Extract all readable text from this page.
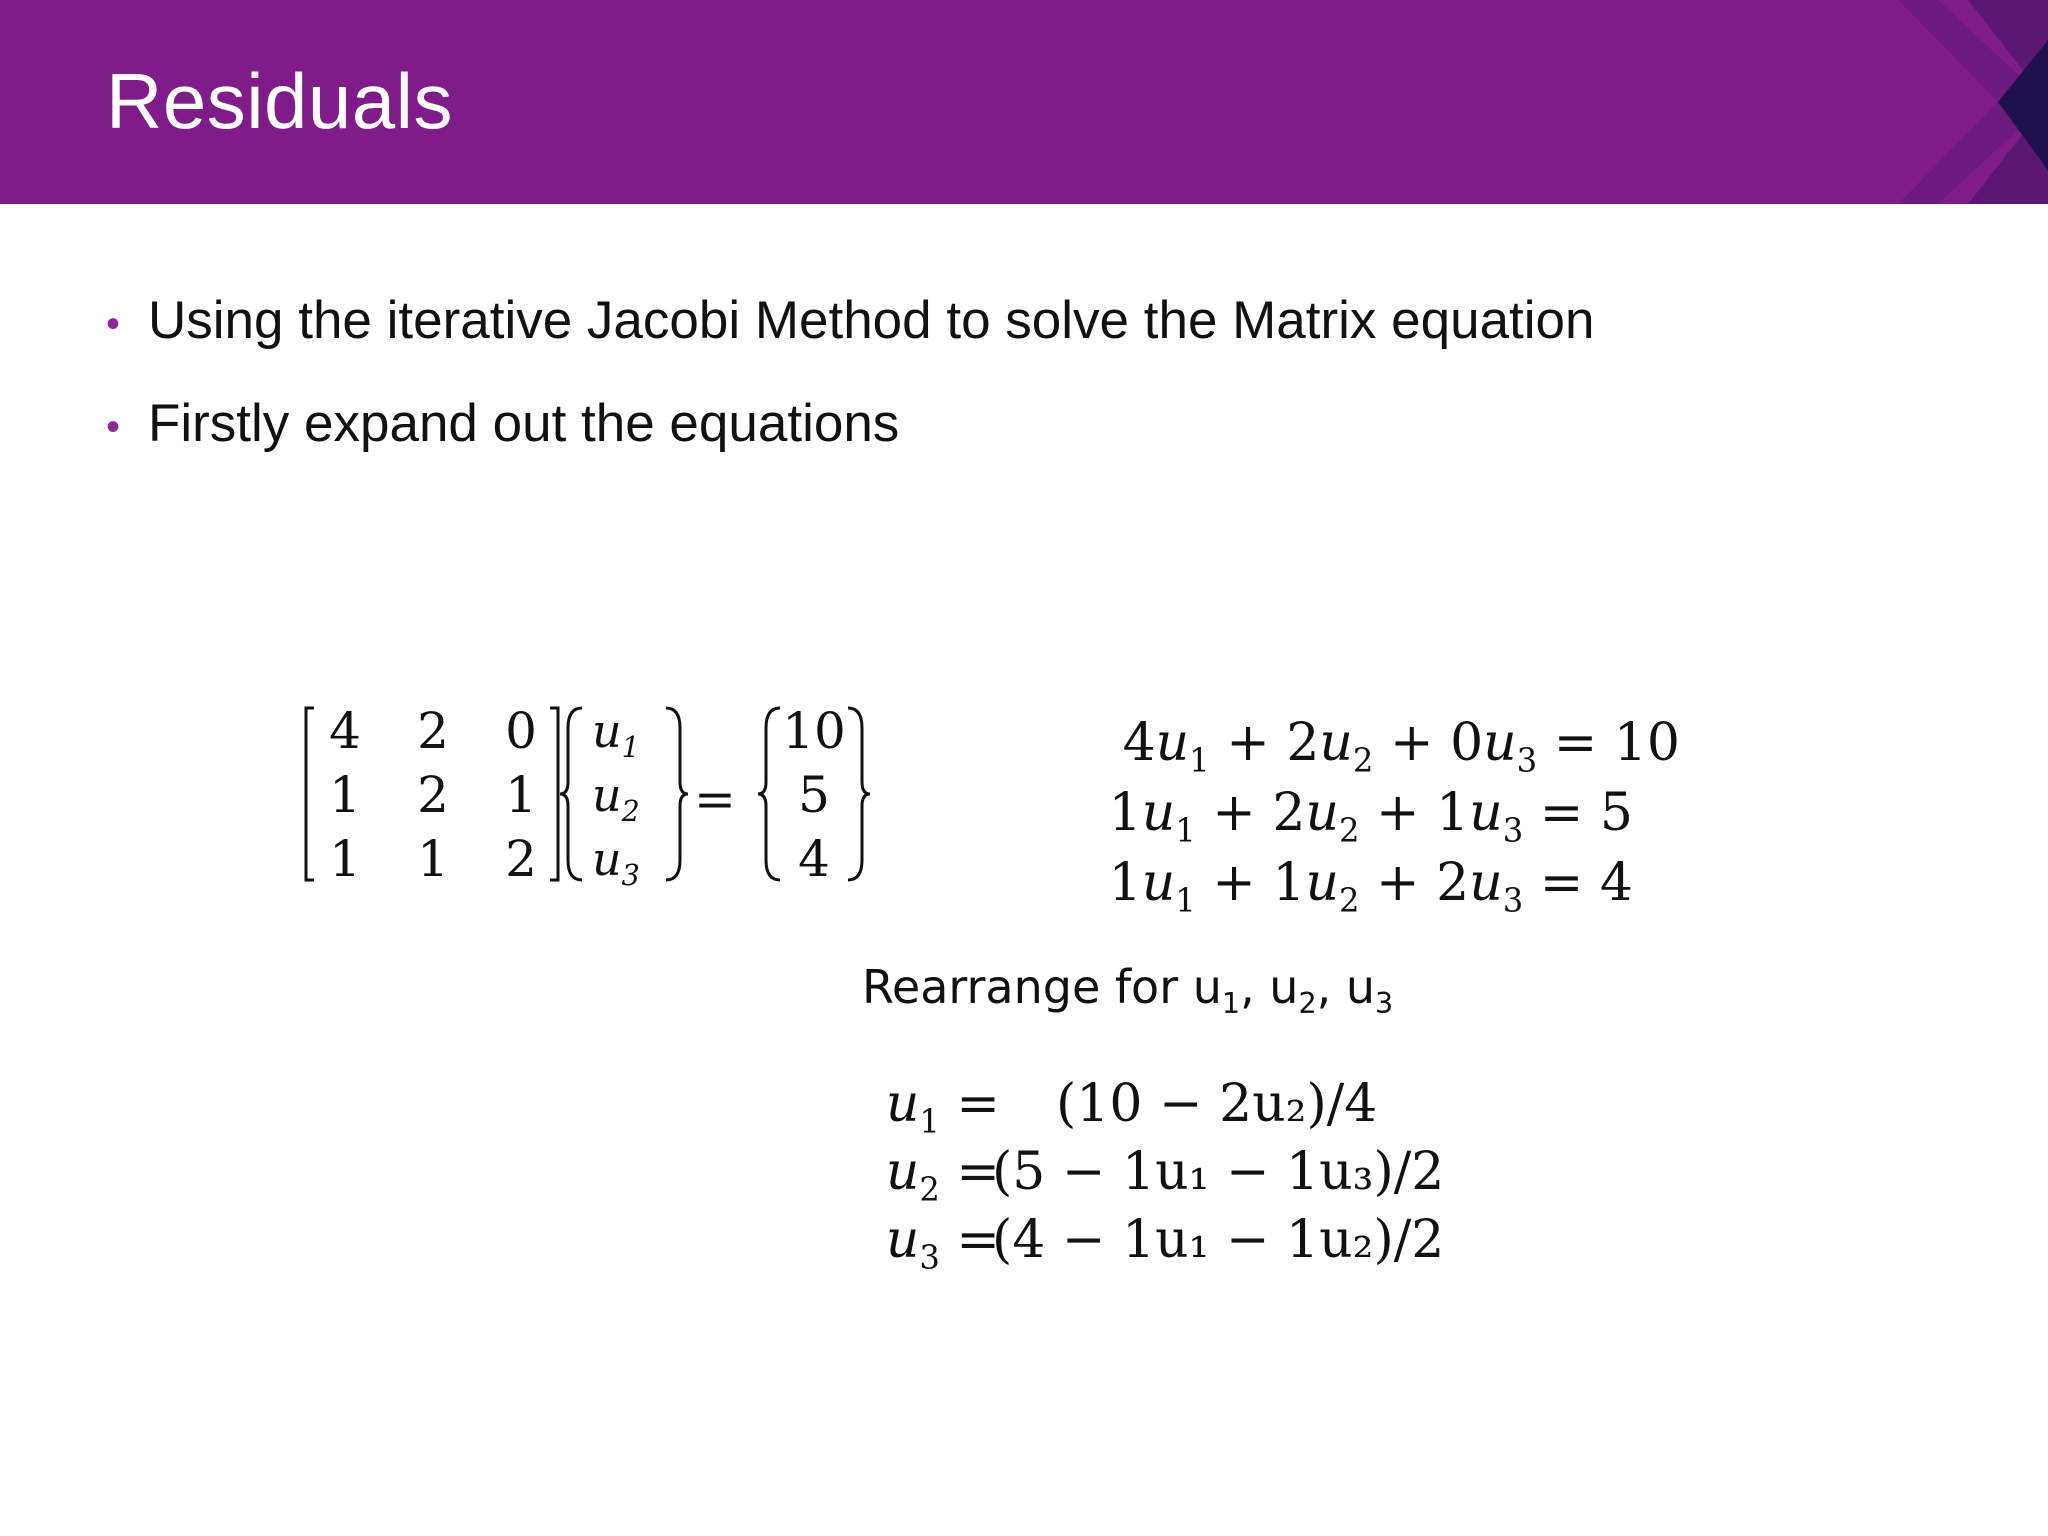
Residuals
• Using the iterative Jacobi Method to solve the Matrix equation
• Firstly expand out the equations
4 2 0
1 2 1
1 1 2
$u_1$
$u_2$
$u_3$
=
10
5
4
$4u_1 + 2u_2 + 0u_3 = 10$
$1u_1 + 2u_2 + 1u_3 = 5$
$1u_1 + 1u_2 + 2u_3 = 4$
Rearrange for $u_1$, $u_2$, $u_3$
$u_1 = (10 - 2u_2)/4$
$u_2$ =
(5 − 1u₁ − 1u₃)/2
$u_3$ =
(4 − 1u₁ − 1u₂)/2
